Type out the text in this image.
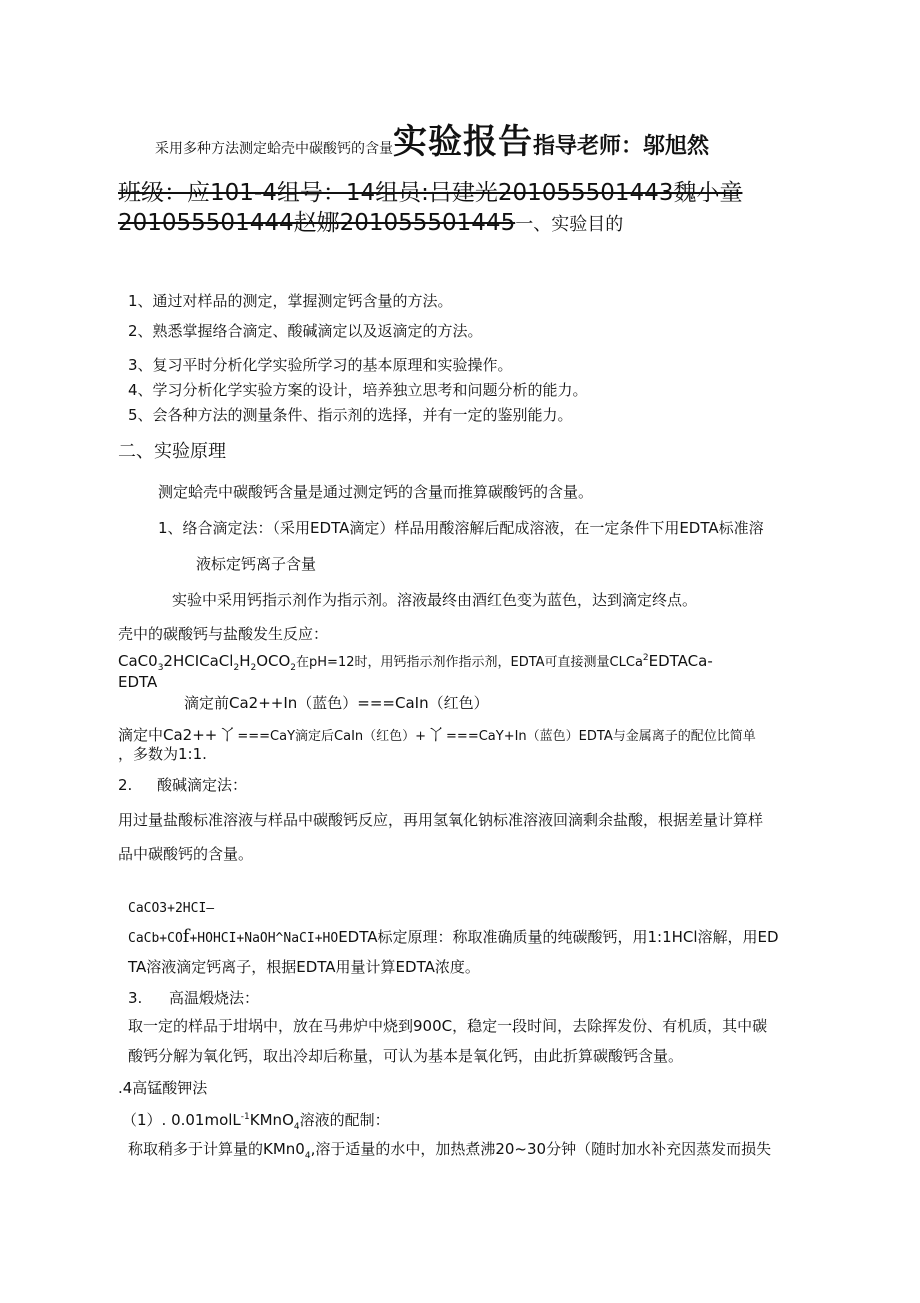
采用多种方法测定蛤壳中碳酸钙的含量实验报告指导老师：邬旭然
班级：应101-4组号：14组员:吕建光201055501443魏小童201055501444赵娜201055501445一、实验目的
1、通过对样品的测定，掌握测定钙含量的方法。
2、熟悉掌握络合滴定、酸碱滴定以及返滴定的方法。
3、复习平时分析化学实验所学习的基本原理和实验操作。
4、学习分析化学实验方案的设计，培养独立思考和问题分析的能力。
5、会各种方法的测量条件、指示剂的选择，并有一定的鉴别能力。
二、实验原理
测定蛤壳中碳酸钙含量是通过测定钙的含量而推算碳酸钙的含量。
1、络合滴定法：（采用EDTA滴定）样品用酸溶解后配成溶液，在一定条件下用EDTA标准溶
液标定钙离子含量
实验中采用钙指示剂作为指示剂。溶液最终由酒红色变为蓝色，达到滴定终点。
壳中的碳酸钙与盐酸发生反应：
$CaC0_32HCICaCl_2H_2OCO_2$在pH=12时，用钙指示剂作指示剂，EDTA可直接测量CLCa$^2$EDTACa-
EDTA
滴定前Ca2++In（蓝色）===CaIn（红色）
滴定中Ca2++ㄚ===CaY滴定后CaIn（红色）+ㄚ===CaY+In（蓝色）EDTA与金属离子的配位比简单
，多数为1:1.
2. 酸碱滴定法：
用过量盐酸标准溶液与样品中碳酸钙反应，再用氢氧化钠标准溶液回滴剩余盐酸，根据差量计算样
品中碳酸钙的含量。
CaCO3+2HCI—
CaCb+COf+HOHCI+NaOH^NaCI+HOEDTA标定原理：称取准确质量的纯碳酸钙，用1:1HCl溶解，用ED
TA溶液滴定钙离子，根据EDTA用量计算EDTA浓度。
3. 高温煅烧法：
取一定的样品于坩埚中，放在马弗炉中烧到900C，稳定一段时间，去除挥发份、有机质，其中碳
酸钙分解为氧化钙，取出冷却后称量，可认为基本是氧化钙，由此折算碳酸钙含量。
.4高锰酸钾法
（1）. 0.01molL$^{-1}$KMnO$_4$溶液的配制：
称取稍多于计算量的$KMn0_4$,溶于适量的水中，加热煮沸20~30分钟（随时加水补充因蒸发而损失
